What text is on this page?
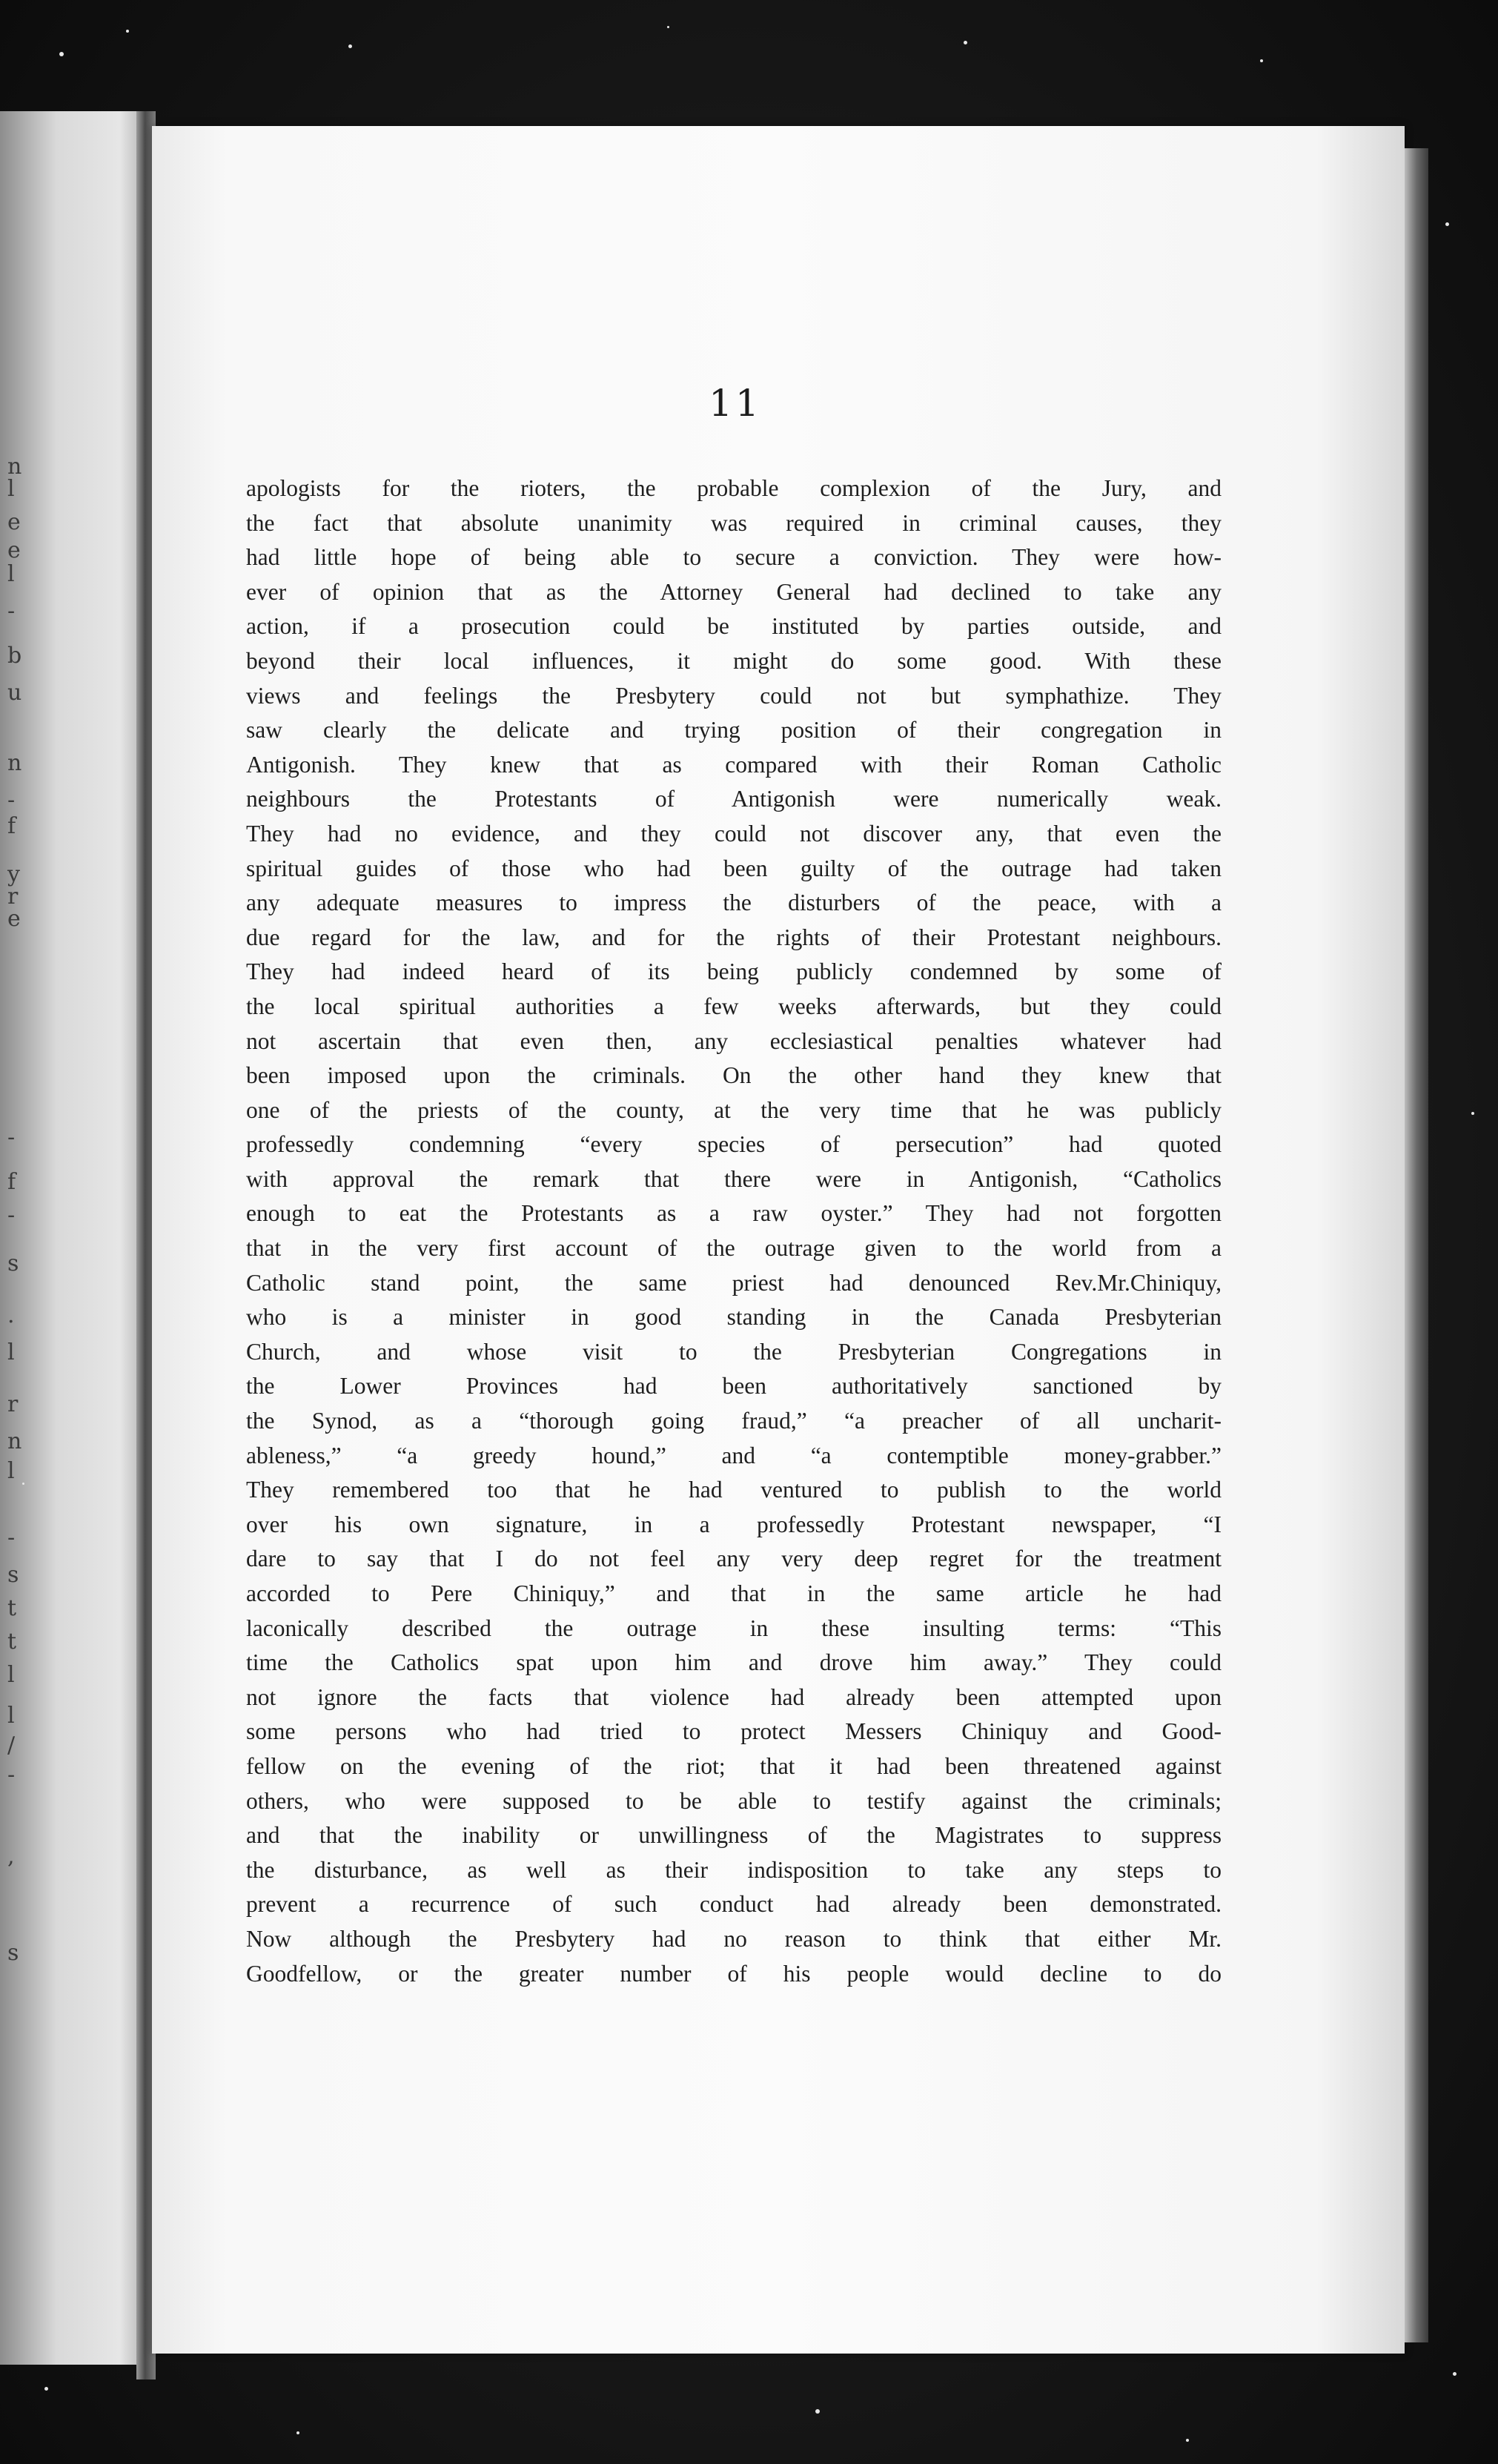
11
apologists for the rioters, the probable complexion of the Jury, and
the fact that absolute unanimity was required in criminal causes, they
had little hope of being able to secure a conviction. They were how-
ever of opinion that as the Attorney General had declined to take any
action, if a prosecution could be instituted by parties outside, and
beyond their local influences, it might do some good. With these
views and feelings the Presbytery could not but symphathize. They
saw clearly the delicate and trying position of their congregation in
Antigonish. They knew that as compared with their Roman Catholic
neighbours the Protestants of Antigonish were numerically weak.
They had no evidence, and they could not discover any, that even the
spiritual guides of those who had been guilty of the outrage had taken
any adequate measures to impress the disturbers of the peace, with a
due regard for the law, and for the rights of their Protestant neighbours.
They had indeed heard of its being publicly condemned by some of
the local spiritual authorities a few weeks afterwards, but they could
not ascertain that even then, any ecclesiastical penalties whatever had
been imposed upon the criminals. On the other hand they knew that
one of the priests of the county, at the very time that he was publicly
professedly condemning “every species of persecution” had quoted
with approval the remark that there were in Antigonish, “Catholics
enough to eat the Protestants as a raw oyster.” They had not forgotten
that in the very first account of the outrage given to the world from a
Catholic stand point, the same priest had denounced Rev.Mr.Chiniquy,
who is a minister in good standing in the Canada Presbyterian
Church, and whose visit to the Presbyterian Congregations in
the Lower Provinces had been authoritatively sanctioned by
the Synod, as a “thorough going fraud,” “a preacher of all uncharit-
ableness,” “a greedy hound,” and “a contemptible money-grabber.”
They remembered too that he had ventured to publish to the world
over his own signature, in a professedly Protestant newspaper, “I
dare to say that I do not feel any very deep regret for the treatment
accorded to Pere Chiniquy,” and that in the same article he had
laconically described the outrage in these insulting terms: “This
time the Catholics spat upon him and drove him away.” They could
not ignore the facts that violence had already been attempted upon
some persons who had tried to protect Messers Chiniquy and Good-
fellow on the evening of the riot; that it had been threatened against
others, who were supposed to be able to testify against the criminals;
and that the inability or unwillingness of the Magistrates to suppress
the disturbance, as well as their indisposition to take any steps to
prevent a recurrence of such conduct had already been demonstrated.
Now although the Presbytery had no reason to think that either Mr.
Goodfellow, or the greater number of his people would decline to do
n
l
e
e
l
-
b
u
n
-
f
y
r
e
-
f
-
s
.
l
r
n
l
-
s
t
t
l
l
/
-
,
s
